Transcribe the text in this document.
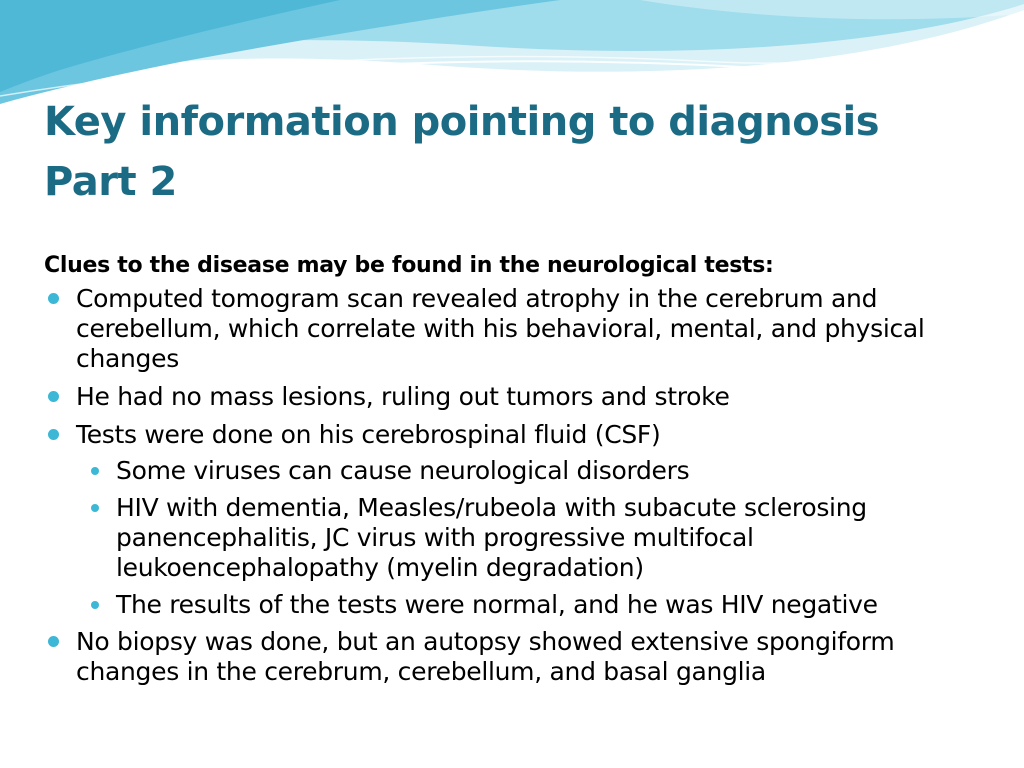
Key information pointing to diagnosis
Part 2

Clues to the disease may be found in the neurological tests:

Computed tomogram scan revealed atrophy in the cerebrum and cerebellum, which correlate with his behavioral, mental, and physical changes
He had no mass lesions, ruling out tumors and stroke
Tests were done on his cerebrospinal fluid (CSF)
Some viruses can cause neurological disorders
HIV with dementia, Measles/rubeola with subacute sclerosing panencephalitis, JC virus with progressive multifocal leukoencephalopathy (myelin degradation)
The results of the tests were normal, and he was HIV negative
No biopsy was done, but an autopsy showed extensive spongiform changes in the cerebrum, cerebellum, and basal ganglia
